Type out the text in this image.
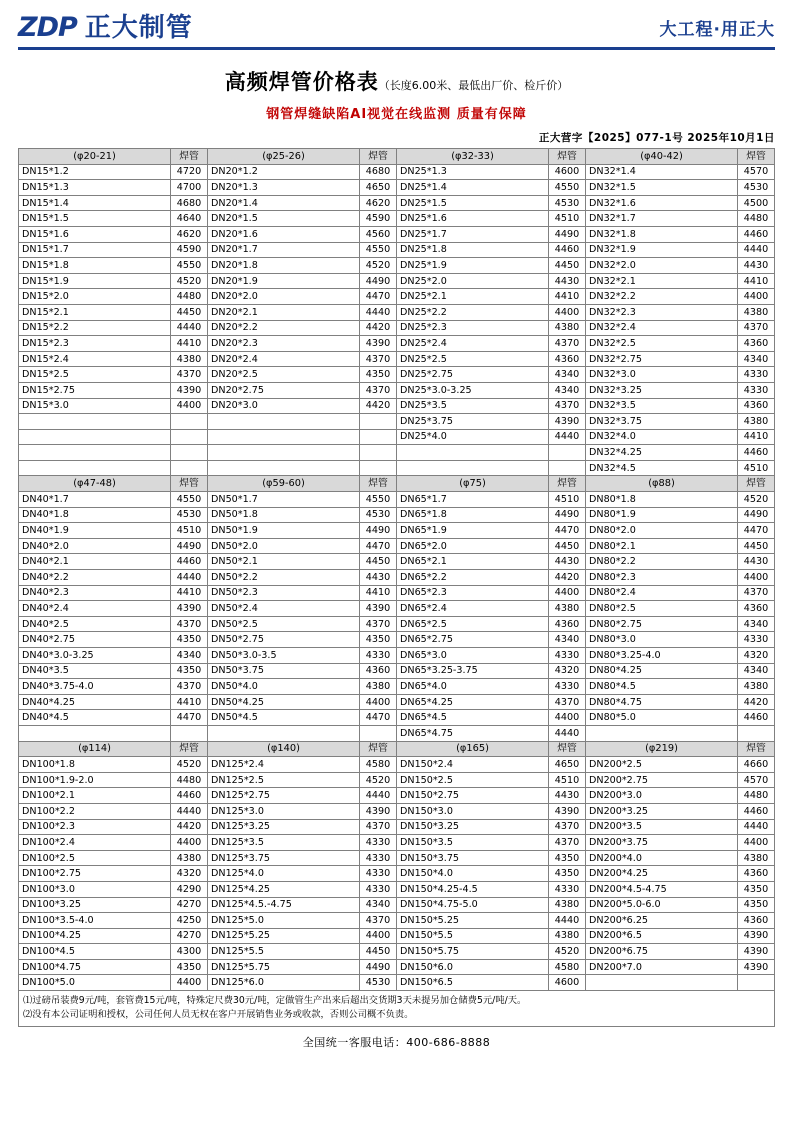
ZDP 正大制管	大工程·用正大
高频焊管价格表（长度6.00米、最低出厂价、检斤价）
钢管焊缝缺陷AI视觉在线监测 质量有保障
正大营字【2025】077-1号 2025年10月1日
(φ20-21)	焊管	(φ25-26)	焊管	(φ32-33)	焊管	(φ40-42)	焊管
DN15*1.2	4720	DN20*1.2	4680	DN25*1.3	4600	DN32*1.4	4570
DN15*1.3	4700	DN20*1.3	4650	DN25*1.4	4550	DN32*1.5	4530
DN15*1.4	4680	DN20*1.4	4620	DN25*1.5	4530	DN32*1.6	4500
DN15*1.5	4640	DN20*1.5	4590	DN25*1.6	4510	DN32*1.7	4480
DN15*1.6	4620	DN20*1.6	4560	DN25*1.7	4490	DN32*1.8	4460
DN15*1.7	4590	DN20*1.7	4550	DN25*1.8	4460	DN32*1.9	4440
DN15*1.8	4550	DN20*1.8	4520	DN25*1.9	4450	DN32*2.0	4430
DN15*1.9	4520	DN20*1.9	4490	DN25*2.0	4430	DN32*2.1	4410
DN15*2.0	4480	DN20*2.0	4470	DN25*2.1	4410	DN32*2.2	4400
DN15*2.1	4450	DN20*2.1	4440	DN25*2.2	4400	DN32*2.3	4380
DN15*2.2	4440	DN20*2.2	4420	DN25*2.3	4380	DN32*2.4	4370
DN15*2.3	4410	DN20*2.3	4390	DN25*2.4	4370	DN32*2.5	4360
DN15*2.4	4380	DN20*2.4	4370	DN25*2.5	4360	DN32*2.75	4340
DN15*2.5	4370	DN20*2.5	4350	DN25*2.75	4340	DN32*3.0	4330
DN15*2.75	4390	DN20*2.75	4370	DN25*3.0-3.25	4340	DN32*3.25	4330
DN15*3.0	4400	DN20*3.0	4420	DN25*3.5	4370	DN32*3.5	4360
				DN25*3.75	4390	DN32*3.75	4380
				DN25*4.0	4440	DN32*4.0	4410
						DN32*4.25	4460
						DN32*4.5	4510
(φ47-48)	焊管	(φ59-60)	焊管	(φ75)	焊管	(φ88)	焊管
DN40*1.7	4550	DN50*1.7	4550	DN65*1.7	4510	DN80*1.8	4520
DN40*1.8	4530	DN50*1.8	4530	DN65*1.8	4490	DN80*1.9	4490
DN40*1.9	4510	DN50*1.9	4490	DN65*1.9	4470	DN80*2.0	4470
DN40*2.0	4490	DN50*2.0	4470	DN65*2.0	4450	DN80*2.1	4450
DN40*2.1	4460	DN50*2.1	4450	DN65*2.1	4430	DN80*2.2	4430
DN40*2.2	4440	DN50*2.2	4430	DN65*2.2	4420	DN80*2.3	4400
DN40*2.3	4410	DN50*2.3	4410	DN65*2.3	4400	DN80*2.4	4370
DN40*2.4	4390	DN50*2.4	4390	DN65*2.4	4380	DN80*2.5	4360
DN40*2.5	4370	DN50*2.5	4370	DN65*2.5	4360	DN80*2.75	4340
DN40*2.75	4350	DN50*2.75	4350	DN65*2.75	4340	DN80*3.0	4330
DN40*3.0-3.25	4340	DN50*3.0-3.5	4330	DN65*3.0	4330	DN80*3.25-4.0	4320
DN40*3.5	4350	DN50*3.75	4360	DN65*3.25-3.75	4320	DN80*4.25	4340
DN40*3.75-4.0	4370	DN50*4.0	4380	DN65*4.0	4330	DN80*4.5	4380
DN40*4.25	4410	DN50*4.25	4400	DN65*4.25	4370	DN80*4.75	4420
DN40*4.5	4470	DN50*4.5	4470	DN65*4.5	4400	DN80*5.0	4460
				DN65*4.75	4440		
(φ114)	焊管	(φ140)	焊管	(φ165)	焊管	(φ219)	焊管
DN100*1.8	4520	DN125*2.4	4580	DN150*2.4	4650	DN200*2.5	4660
DN100*1.9-2.0	4480	DN125*2.5	4520	DN150*2.5	4510	DN200*2.75	4570
DN100*2.1	4460	DN125*2.75	4440	DN150*2.75	4430	DN200*3.0	4480
DN100*2.2	4440	DN125*3.0	4390	DN150*3.0	4390	DN200*3.25	4460
DN100*2.3	4420	DN125*3.25	4370	DN150*3.25	4370	DN200*3.5	4440
DN100*2.4	4400	DN125*3.5	4330	DN150*3.5	4370	DN200*3.75	4400
DN100*2.5	4380	DN125*3.75	4330	DN150*3.75	4350	DN200*4.0	4380
DN100*2.75	4320	DN125*4.0	4330	DN150*4.0	4350	DN200*4.25	4360
DN100*3.0	4290	DN125*4.25	4330	DN150*4.25-4.5	4330	DN200*4.5-4.75	4350
DN100*3.25	4270	DN125*4.5.-4.75	4340	DN150*4.75-5.0	4380	DN200*5.0-6.0	4350
DN100*3.5-4.0	4250	DN125*5.0	4370	DN150*5.25	4440	DN200*6.25	4360
DN100*4.25	4270	DN125*5.25	4400	DN150*5.5	4380	DN200*6.5	4390
DN100*4.5	4300	DN125*5.5	4450	DN150*5.75	4520	DN200*6.75	4390
DN100*4.75	4350	DN125*5.75	4490	DN150*6.0	4580	DN200*7.0	4390
DN100*5.0	4400	DN125*6.0	4530	DN150*6.5	4600		
⑴过磅吊装费9元/吨，套管费15元/吨，特殊定尺费30元/吨，定做管生产出来后超出交货期3天未提另加仓储费5元/吨/天。
⑵没有本公司证明和授权，公司任何人员无权在客户开展销售业务或收款，否则公司概不负责。
全国统一客服电话：400-686-8888
